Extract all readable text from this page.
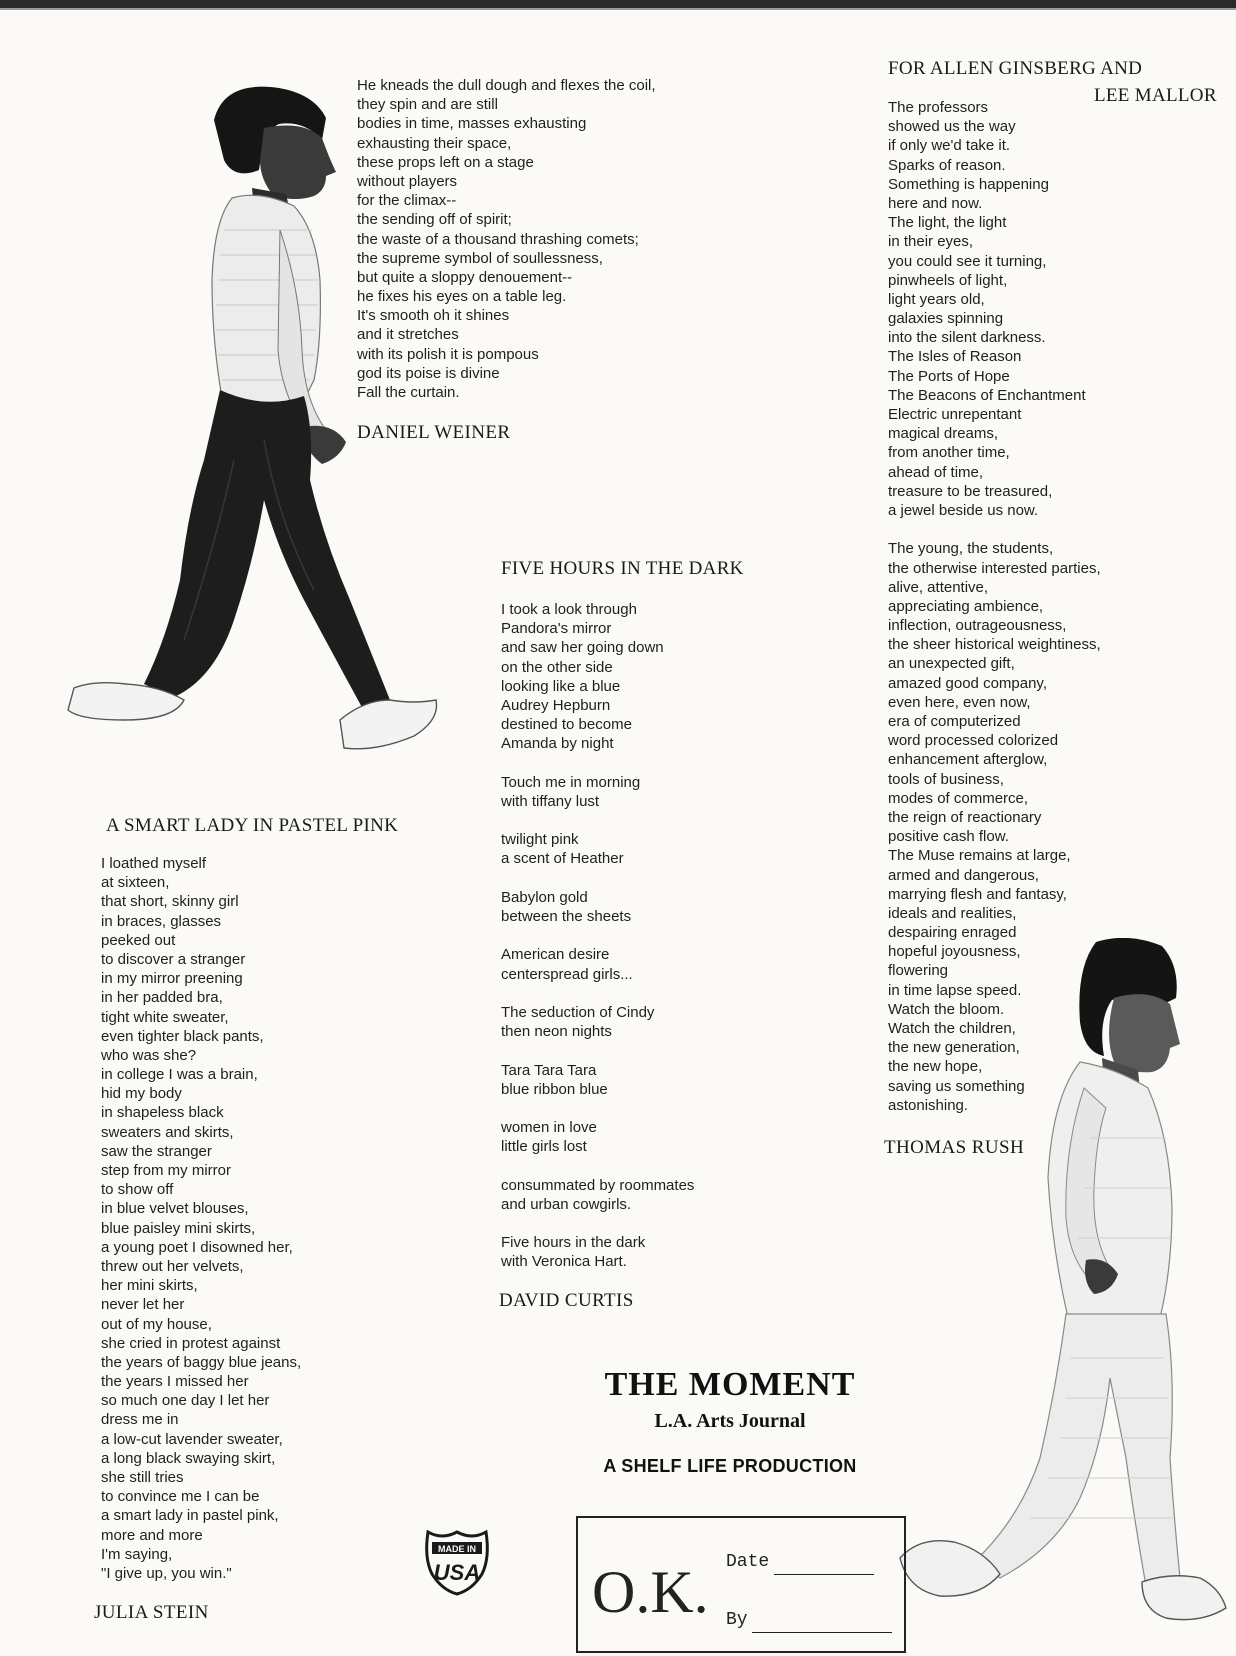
He kneads the dull dough and flexes the coil,
they spin and are still
bodies in time, masses exhausting
exhausting their space,
these props left on a stage
without players
for the climax--
the sending off of spirit;
the waste of a thousand thrashing comets;
the supreme symbol of soullessness,
but quite a sloppy denouement--
he fixes his eyes on a table leg.
It's smooth oh it shines
and it stretches
with its polish it is pompous
god its poise is divine
Fall the curtain.
DANIEL WEINER
FOR ALLEN GINSBERG AND
LEE MALLOR
The professors
showed us the way
if only we'd take it.
Sparks of reason.
Something is happening
here and now.
The light, the light
in their eyes,
you could see it turning,
pinwheels of light,
light years old,
galaxies spinning
into the silent darkness.
The Isles of Reason
The Ports of Hope
The Beacons of Enchantment
Electric unrepentant
magical dreams,
from another time,
ahead of time,
treasure to be treasured,
a jewel beside us now.
The young, the students,
the otherwise interested parties,
alive, attentive,
appreciating ambience,
inflection, outrageousness,
the sheer historical weightiness,
an unexpected gift,
amazed good company,
even here, even now,
era of computerized
word processed colorized
enhancement afterglow,
tools of business,
modes of commerce,
the reign of reactionary
positive cash flow.
The Muse remains at large,
armed and dangerous,
marrying flesh and fantasy,
ideals and realities,
despairing enraged
hopeful joyousness,
flowering
in time lapse speed.
Watch the bloom.
Watch the children,
the new generation,
the new hope,
saving us something
astonishing.
THOMAS RUSH
FIVE HOURS IN THE DARK
I took a look through
Pandora's mirror
and saw her going down
on the other side
looking like a blue
Audrey Hepburn
destined to become
Amanda by night
Touch me in morning
with tiffany lust
twilight pink
a scent of Heather
Babylon gold
between the sheets
American desire
centerspread girls...
The seduction of Cindy
then neon nights
Tara Tara Tara
blue ribbon blue
women in love
little girls lost
consummated by roommates
and urban cowgirls.
Five hours in the dark
with Veronica Hart.
DAVID CURTIS
A SMART LADY IN PASTEL PINK
I loathed myself
at sixteen,
that short, skinny girl
in braces, glasses
peeked out
to discover a stranger
in my mirror preening
in her padded bra,
tight white sweater,
even tighter black pants,
who was she?
in college I was a brain,
hid my body
in shapeless black
sweaters and skirts,
saw the stranger
step from my mirror
to show off
in blue velvet blouses,
blue paisley mini skirts,
a young poet I disowned her,
threw out her velvets,
her mini skirts,
never let her
out of my house,
she cried in protest against
the years of baggy blue jeans,
the years I missed her
so much one day I let her
dress me in
a low-cut lavender sweater,
a long black swaying skirt,
she still tries
to convince me I can be
a smart lady in pastel pink,
more and more
I'm saying,
"I give up, you win."
JULIA STEIN
THE MOMENT
L.A. Arts Journal
A SHELF LIFE PRODUCTION
MADE IN
USA O.K. Date
By
